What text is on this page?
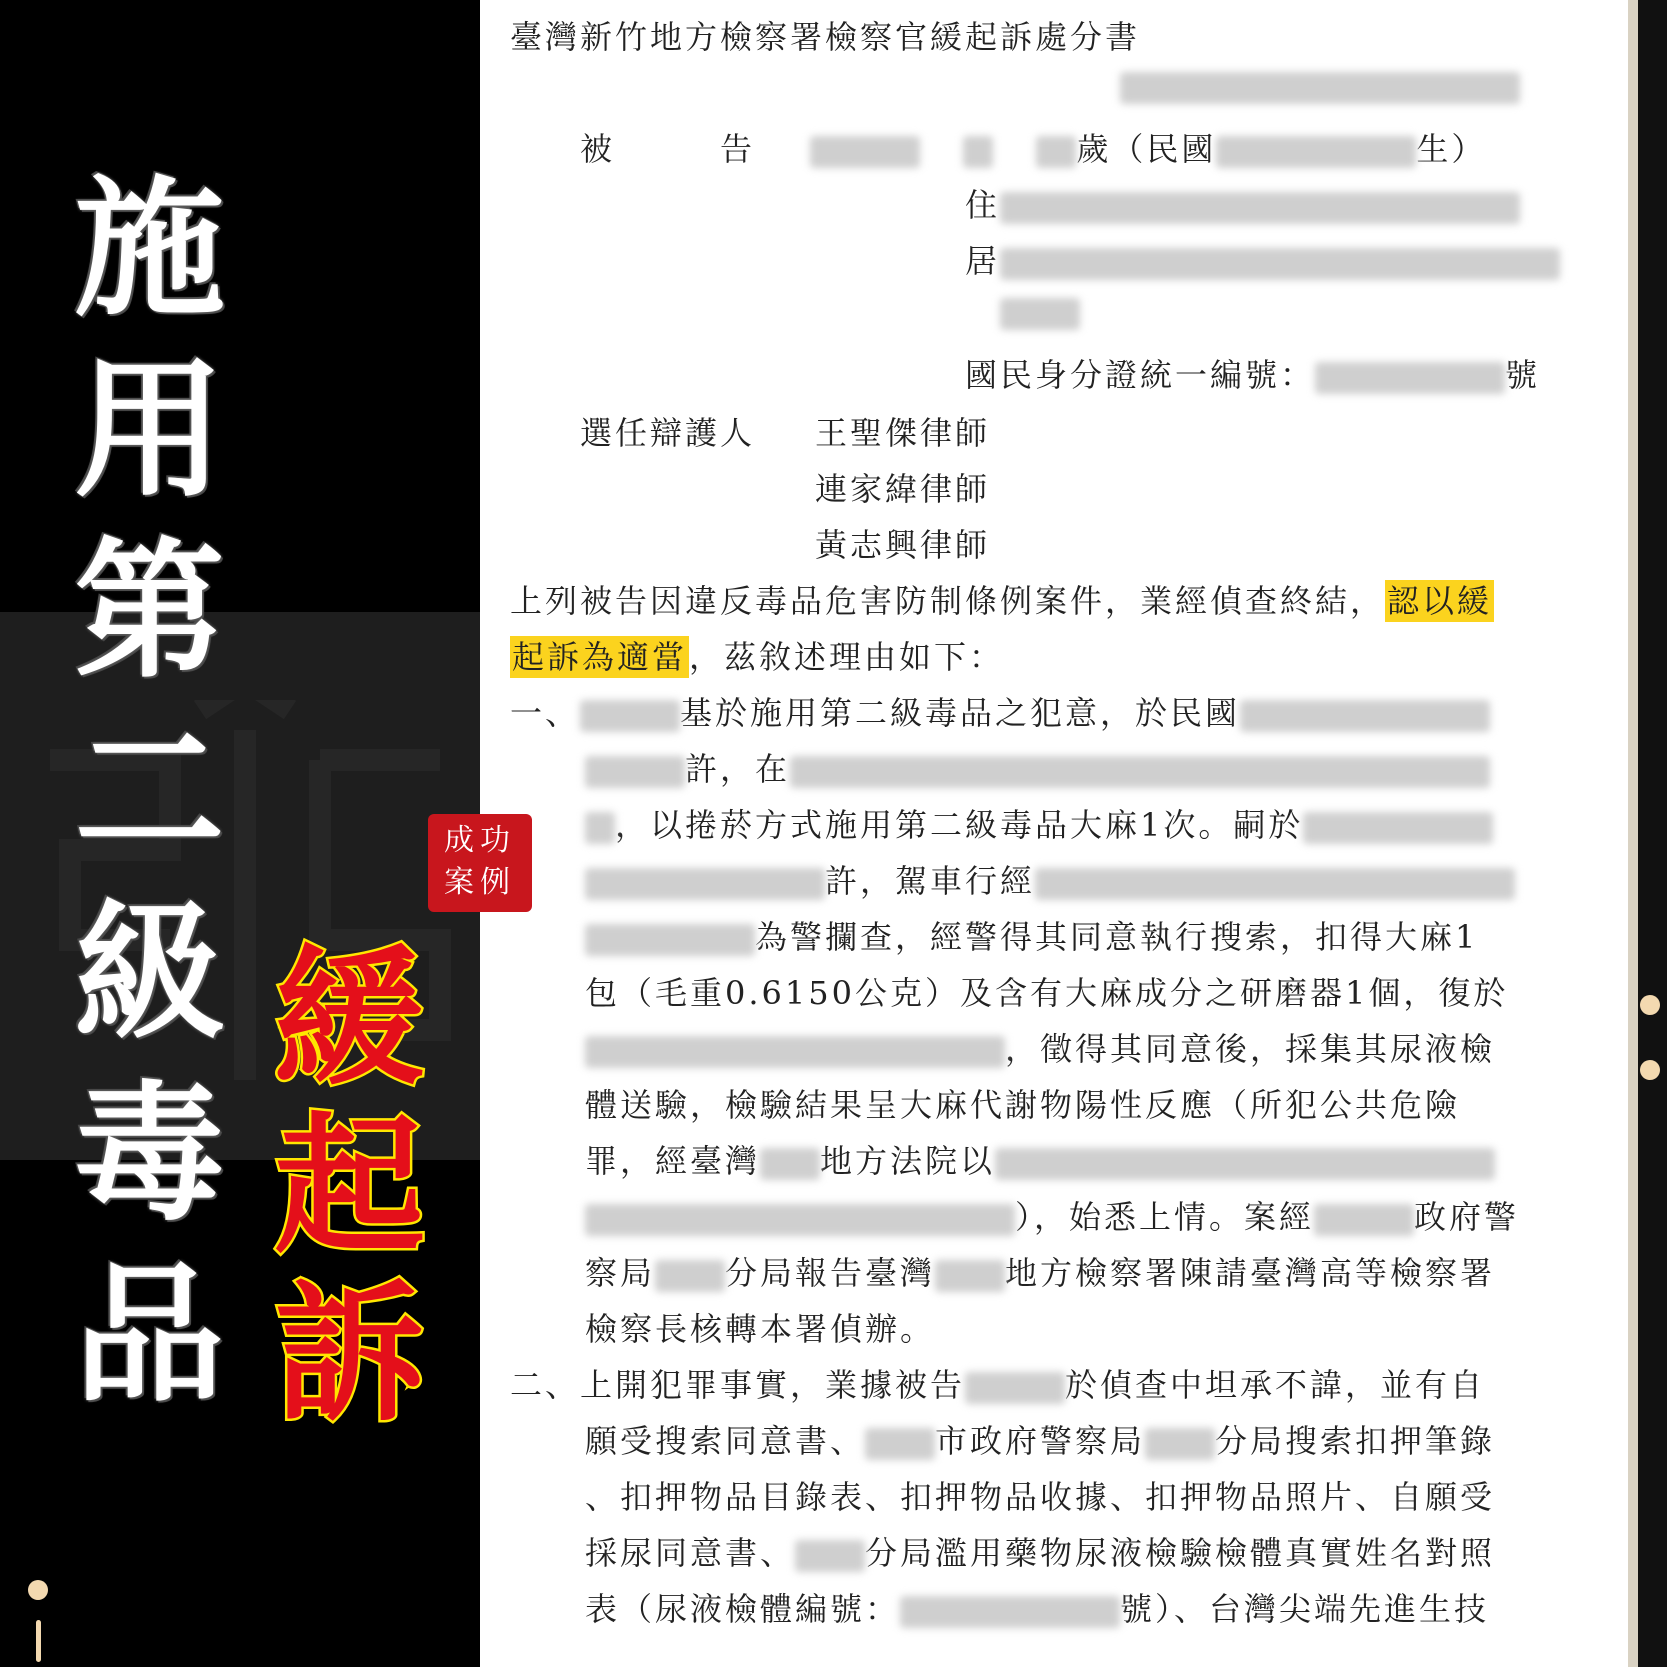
施
用
第
二
級
毒
品
緩
起
訴
臺灣新竹地方檢察署檢察官緩起訴處分書
被　　　告	歲（民國	生）
住
居
國民身分證統一編號：	號
選任辯護人 王聖傑律師
連家緯律師
黃志興律師
上列被告因違反毒品危害防制條例案件，業經偵查終結，認以緩
起訴為適當，茲敘述理由如下：
一、	基於施用第二級毒品之犯意，於民國
許，在
，以捲菸方式施用第二級毒品大麻1次。嗣於
許，駕車行經
為警攔查，經警得其同意執行搜索，扣得大麻1
包（毛重0.6150公克）及含有大麻成分之研磨器1個，復於
，徵得其同意後，採集其尿液檢
體送驗，檢驗結果呈大麻代謝物陽性反應（所犯公共危險
罪，經臺灣 地方法院以
），始悉上情。案經	政府警
察局 分局報告臺灣 地方檢察署陳請臺灣高等檢察署
檢察長核轉本署偵辦。
二、上開犯罪事實，業據被告	於偵查中坦承不諱，並有自
願受搜索同意書、 市政府警察局 分局搜索扣押筆錄
、扣押物品目錄表、扣押物品收據、扣押物品照片、自願受
採尿同意書、 分局濫用藥物尿液檢驗檢體真實姓名對照
表（尿液檢體編號：	號）、台灣尖端先進生技
成功
案例
